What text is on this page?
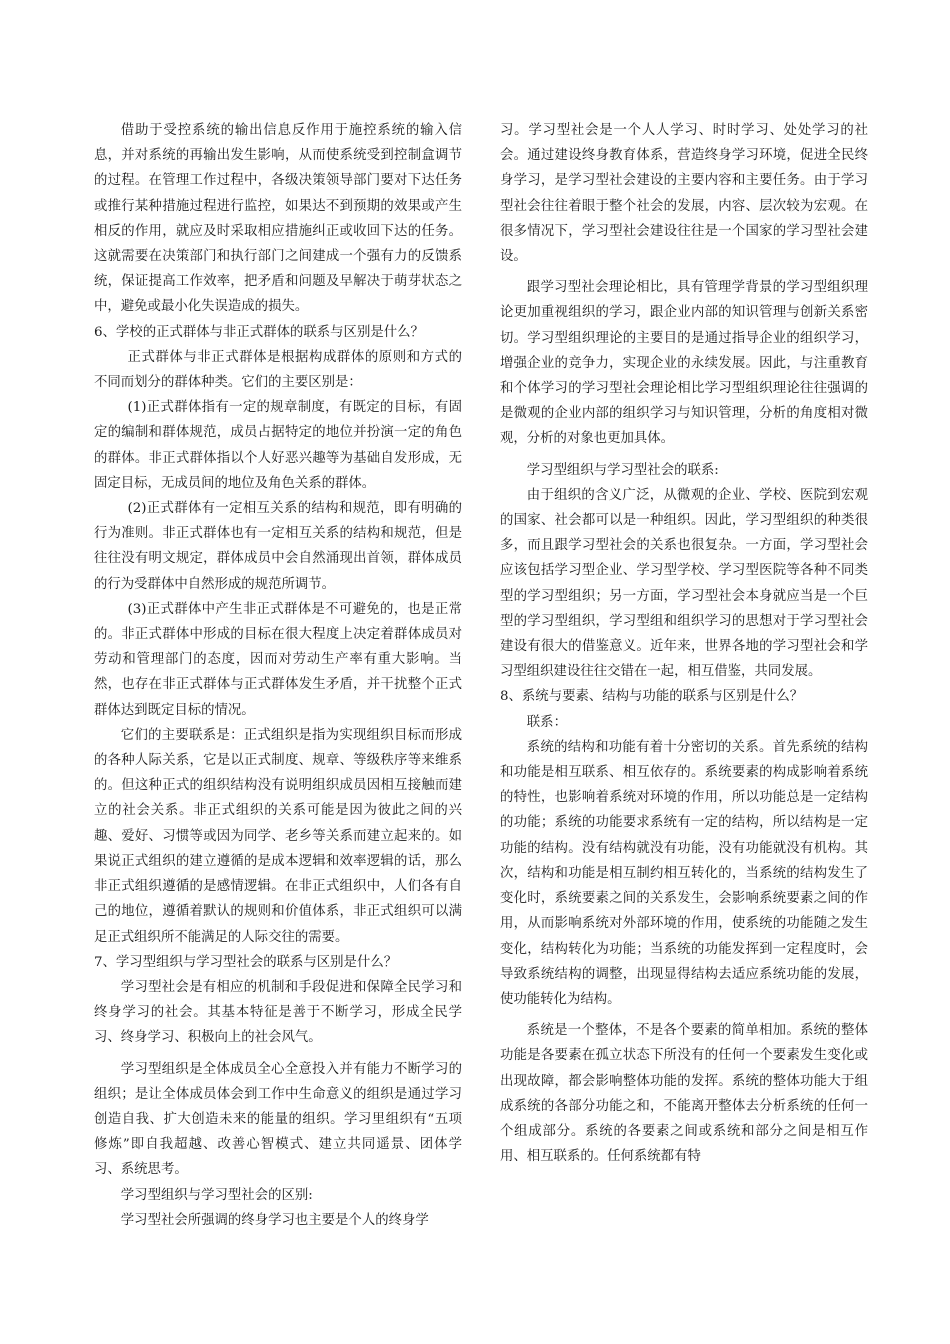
借助于受控系统的输出信息反作用于施控系统的输入信息，并对系统的再输出发生影响，从而使系统受到控制盒调节的过程。在管理工作过程中，各级决策领导部门要对下达任务或推行某种措施过程进行监控，如果达不到预期的效果或产生相反的作用，就应及时采取相应措施纠正或收回下达的任务。这就需要在决策部门和执行部门之间建成一个强有力的反馈系统，保证提高工作效率，把矛盾和问题及早解决于萌芽状态之中，避免或最小化失误造成的损失。

6、学校的正式群体与非正式群体的联系与区别是什么？

正式群体与非正式群体是根据构成群体的原则和方式的不同而划分的群体种类。它们的主要区别是：

(1)正式群体指有一定的规章制度，有既定的目标，有固定的编制和群体规范，成员占据特定的地位并扮演一定的角色的群体。非正式群体指以个人好恶兴趣等为基础自发形成，无固定目标，无成员间的地位及角色关系的群体。

(2)正式群体有一定相互关系的结构和规范，即有明确的行为准则。非正式群体也有一定相互关系的结构和规范，但是往往没有明文规定，群体成员中会自然涌现出首领，群体成员的行为受群体中自然形成的规范所调节。

(3)正式群体中产生非正式群体是不可避免的，也是正常的。非正式群体中形成的目标在很大程度上决定着群体成员对劳动和管理部门的态度，因而对劳动生产率有重大影响。当然，也存在非正式群体与正式群体发生矛盾，并干扰整个正式群体达到既定目标的情况。

它们的主要联系是：正式组织是指为实现组织目标而形成的各种人际关系，它是以正式制度、规章、等级秩序等来维系的。但这种正式的组织结构没有说明组织成员因相互接触而建立的社会关系。非正式组织的关系可能是因为彼此之间的兴趣、爱好、习惯等或因为同学、老乡等关系而建立起来的。如果说正式组织的建立遵循的是成本逻辑和效率逻辑的话，那么非正式组织遵循的是感情逻辑。在非正式组织中，人们各有自己的地位，遵循着默认的规则和价值体系，非正式组织可以满足正式组织所不能满足的人际交往的需要。

7、学习型组织与学习型社会的联系与区别是什么？

学习型社会是有相应的机制和手段促进和保障全民学习和终身学习的社会。其基本特征是善于不断学习，形成全民学习、终身学习、积极向上的社会风气。

学习型组织是全体成员全心全意投入并有能力不断学习的组织；是让全体成员体会到工作中生命意义的组织是通过学习创造自我、扩大创造未来的能量的组织。学习里组织有“五项修炼”即自我超越、改善心智模式、建立共同遥景、团体学习、系统思考。

学习型组织与学习型社会的区别:

学习型社会所强调的终身学习也主要是个人的终身学

习。学习型社会是一个人人学习、时时学习、处处学习的社会。通过建设终身教育体系，营造终身学习环境，促进全民终身学习，是学习型社会建设的主要内容和主要任务。由于学习型社会往往着眼于整个社会的发展，内容、层次较为宏观。在很多情况下，学习型社会建设往往是一个国家的学习型社会建设。

跟学习型社会理论相比，具有管理学背景的学习型组织理论更加重视组织的学习，跟企业内部的知识管理与创新关系密切。学习型组织理论的主要目的是通过指导企业的组织学习，增强企业的竞争力，实现企业的永续发展。因此，与注重教育和个体学习的学习型社会理论相比学习型组织理论往往强调的是微观的企业内部的组织学习与知识管理，分析的角度相对微观，分析的对象也更加具体。

学习型组织与学习型社会的联系:

由于组织的含义广泛，从微观的企业、学校、医院到宏观的国家、社会都可以是一种组织。因此，学习型组织的种类很多，而且跟学习型社会的关系也很复杂。一方面，学习型社会应该包括学习型企业、学习型学校、学习型医院等各种不同类型的学习型组织；另一方面，学习型社会本身就应当是一个巨型的学习型组织，学习型组和组织学习的思想对于学习型社会建设有很大的借鉴意义。近年来，世界各地的学习型社会和学习型组织建设往往交错在一起，相互借鉴，共同发展。

8、系统与要素、结构与功能的联系与区别是什么？

联系：

系统的结构和功能有着十分密切的关系。首先系统的结构和功能是相互联系、相互依存的。系统要素的构成影响着系统的特性，也影响着系统对环境的作用，所以功能总是一定结构的功能；系统的功能要求系统有一定的结构，所以结构是一定功能的结构。没有结构就没有功能，没有功能就没有机构。其次，结构和功能是相互制约相互转化的，当系统的结构发生了变化时，系统要素之间的关系发生，会影响系统要素之间的作用，从而影响系统对外部环境的作用，使系统的功能随之发生变化，结构转化为功能；当系统的功能发挥到一定程度时，会导致系统结构的调整，出现显得结构去适应系统功能的发展，使功能转化为结构。

系统是一个整体，不是各个要素的简单相加。系统的整体功能是各要素在孤立状态下所没有的任何一个要素发生变化或出现故障，都会影响整体功能的发挥。系统的整体功能大于组成系统的各部分功能之和，不能离开整体去分析系统的任何一个组成部分。系统的各要素之间或系统和部分之间是相互作用、相互联系的。任何系统都有特
